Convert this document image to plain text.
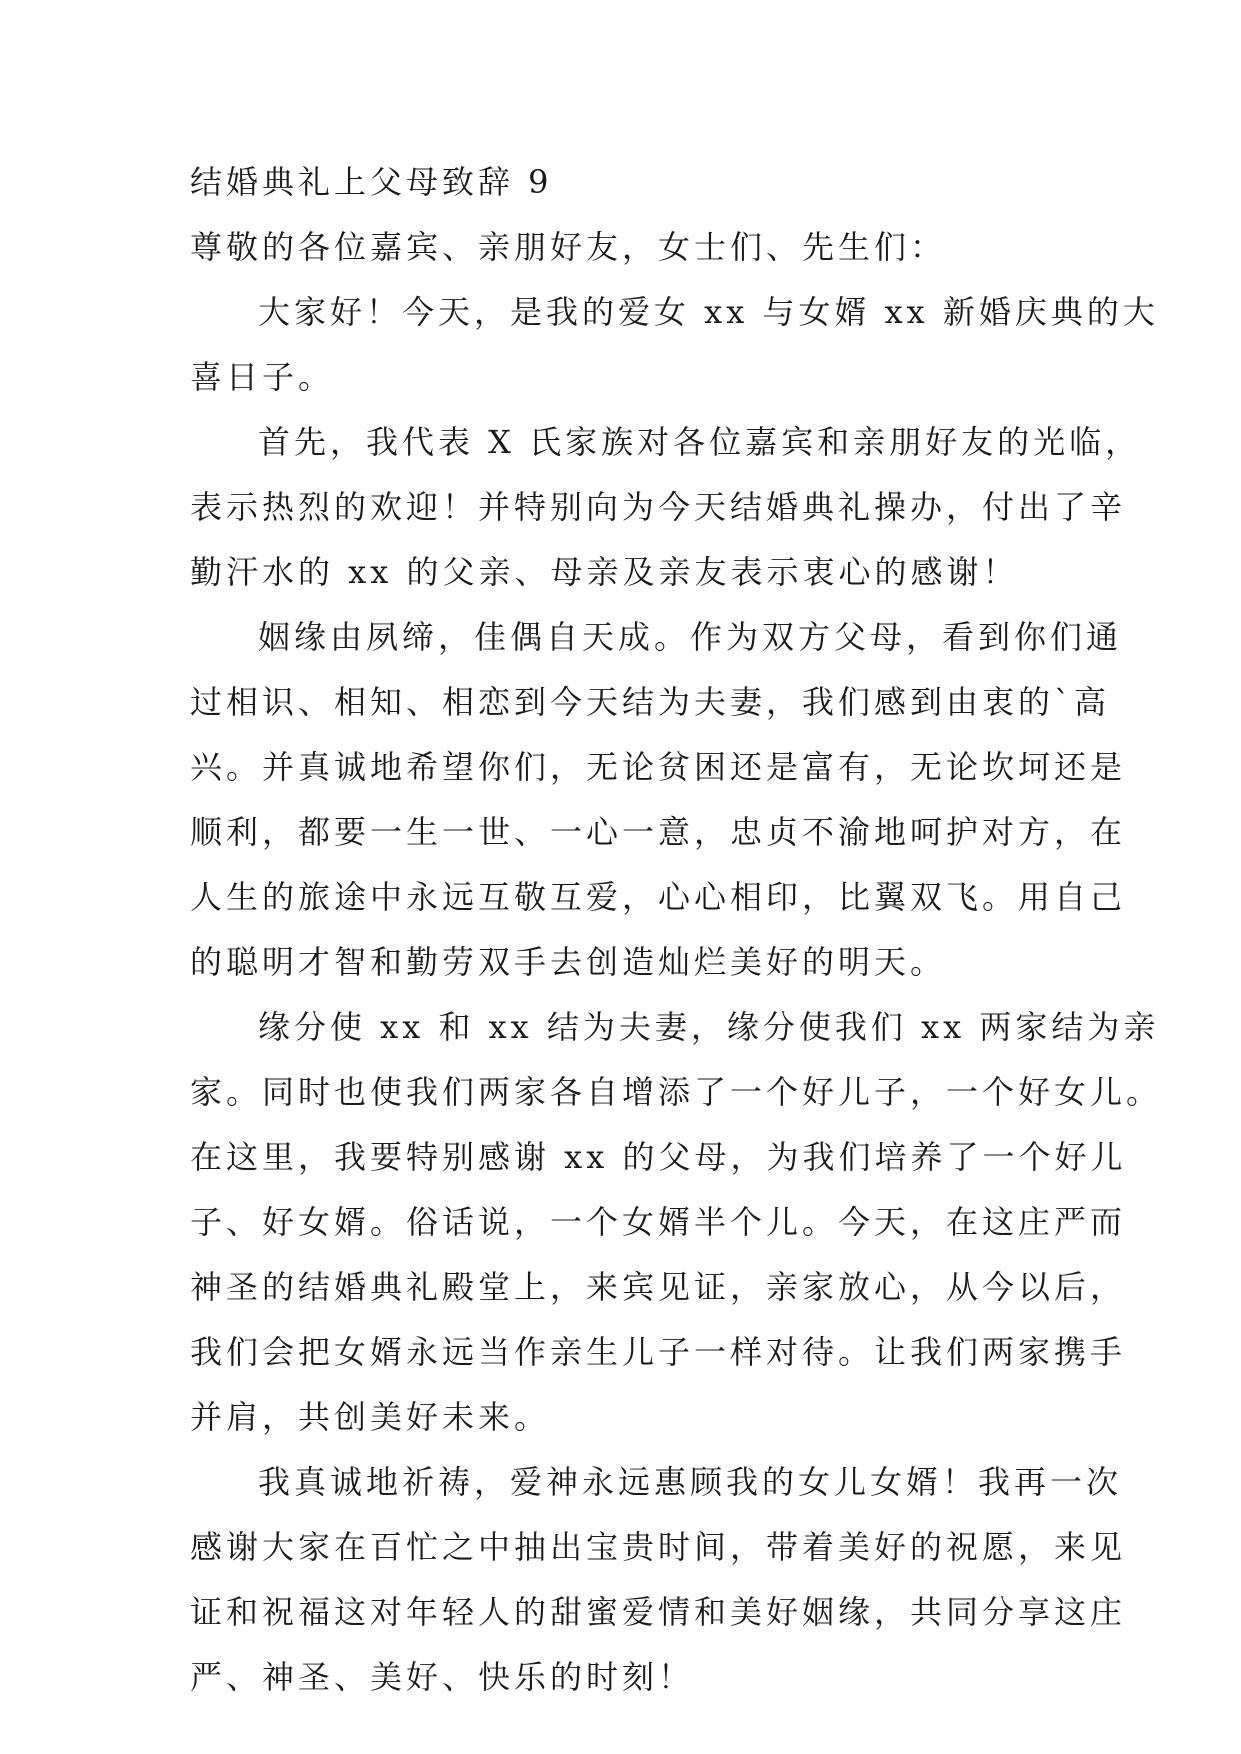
结婚典礼上父母致辞 9
尊敬的各位嘉宾、亲朋好友，女士们、先生们：
大家好！今天，是我的爱女 xx 与女婿 xx 新婚庆典的大
喜日子。
首先，我代表 X 氏家族对各位嘉宾和亲朋好友的光临，
表示热烈的欢迎！并特别向为今天结婚典礼操办，付出了辛
勤汗水的 xx 的父亲、母亲及亲友表示衷心的感谢！
姻缘由夙缔，佳偶自天成。作为双方父母，看到你们通
过相识、相知、相恋到今天结为夫妻，我们感到由衷的`高
兴。并真诚地希望你们，无论贫困还是富有，无论坎坷还是
顺利，都要一生一世、一心一意，忠贞不渝地呵护对方，在
人生的旅途中永远互敬互爱，心心相印，比翼双飞。用自己
的聪明才智和勤劳双手去创造灿烂美好的明天。
缘分使 xx 和 xx 结为夫妻，缘分使我们 xx 两家结为亲
家。同时也使我们两家各自增添了一个好儿子，一个好女儿。
在这里，我要特别感谢 xx 的父母，为我们培养了一个好儿
子、好女婿。俗话说，一个女婿半个儿。今天，在这庄严而
神圣的结婚典礼殿堂上，来宾见证，亲家放心，从今以后，
我们会把女婿永远当作亲生儿子一样对待。让我们两家携手
并肩，共创美好未来。
我真诚地祈祷，爱神永远惠顾我的女儿女婿！我再一次
感谢大家在百忙之中抽出宝贵时间，带着美好的祝愿，来见
证和祝福这对年轻人的甜蜜爱情和美好姻缘，共同分享这庄
严、神圣、美好、快乐的时刻！
